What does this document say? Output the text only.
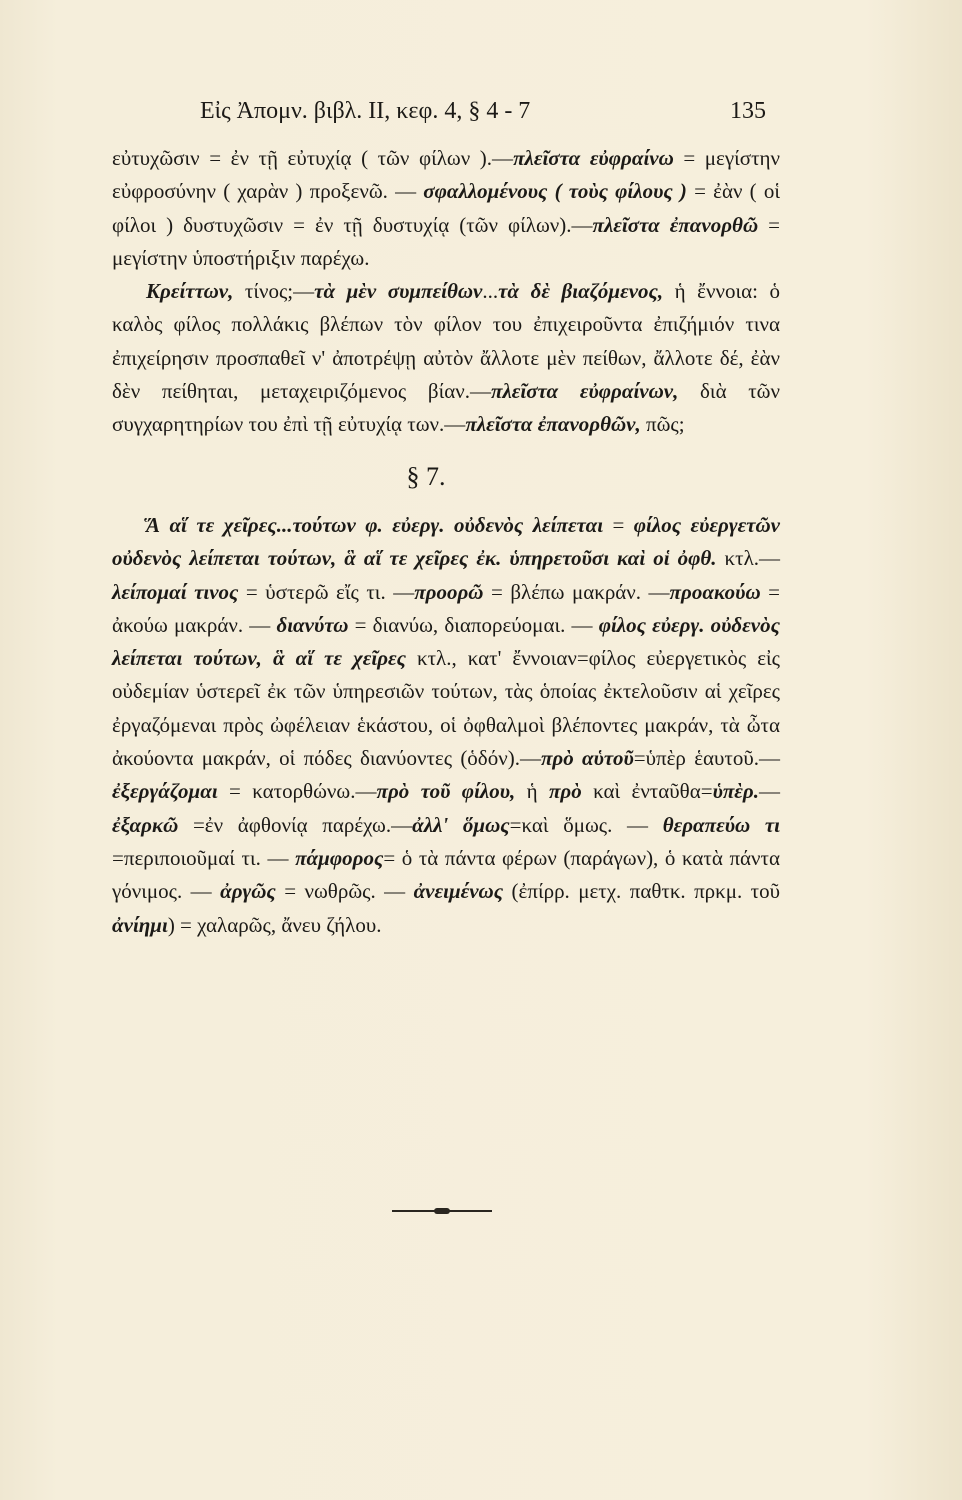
Εἰς Ἀπομν. βιβλ. II, κεφ. 4, § 4 - 7	135

εὐτυχῶσιν = ἐν τῇ εὐτυχίᾳ ( τῶν φίλων ).—πλεῖστα εὐφραίνω = μεγίστην εὐφροσύνην ( χαρὰν ) προξενῶ. — σφαλλομένους ( τοὺς φίλους ) = ἐὰν ( οἱ φίλοι ) δυστυχῶσιν = ἐν τῇ δυστυχίᾳ (τῶν φίλων).—πλεῖστα ἐπανορθῶ = μεγίστην ὑποστήριξιν παρέχω.

Κρείττων, τίνος;—τὰ μὲν συμπείθων...τὰ δὲ βιαζόμενος, ἡ ἔννοια: ὁ καλὸς φίλος πολλάκις βλέπων τὸν φίλον του ἐπιχειροῦντα ἐπιζήμιόν τινα ἐπιχείρησιν προσπαθεῖ ν' ἀποτρέψῃ αὐτὸν ἄλλοτε μὲν πείθων, ἄλλοτε δέ, ἐὰν δὲν πείθηται, μεταχειριζόμενος βίαν.—πλεῖστα εὐφραίνων, διὰ τῶν συγχαρητηρίων του ἐπὶ τῇ εὐτυχίᾳ των.—πλεῖστα ἐπανορθῶν, πῶς;

§ 7.

Ἅ αἵ τε χεῖρες...τούτων φ. εὐεργ. οὐδενὸς λείπεται = φίλος εὐεργετῶν οὐδενὸς λείπεται τούτων, ἃ αἵ τε χεῖρες ἐκ. ὑπηρετοῦσι καὶ οἱ ὀφθ. κτλ.—λείπομαί τινος = ὑστερῶ εἴς τι. —προορῶ = βλέπω μακράν. —προακούω = ἀκούω μακράν. — διανύτω = διανύω, διαπορεύομαι. — φίλος εὐεργ. οὐδενὸς λείπεται τούτων, ἃ αἵ τε χεῖρες κτλ., κατ' ἔννοιαν=φίλος εὐεργετικὸς εἰς οὐδεμίαν ὑστερεῖ ἐκ τῶν ὑπηρεσιῶν τούτων, τὰς ὁποίας ἐκτελοῦσιν αἱ χεῖρες ἐργαζόμεναι πρὸς ὠφέλειαν ἑκάστου, οἱ ὀφθαλμοὶ βλέποντες μακράν, τὰ ὦτα ἀκούοντα μακράν, οἱ πόδες διανύοντες (ὁδόν).—πρὸ αὑτοῦ=ὑπὲρ ἑαυτοῦ.—ἐξεργάζομαι = κατορθώνω.—πρὸ τοῦ φίλου, ἡ πρὸ καὶ ἐνταῦθα=ὑπὲρ.—ἐξαρκῶ =ἐν ἀφθονίᾳ παρέχω.—ἀλλ' ὅμως=καὶ ὅμως. — θεραπεύω τι =περιποιοῦμαί τι. — πάμφορος= ὁ τὰ πάντα φέρων (παράγων), ὁ κατὰ πάντα γόνιμος. — ἀργῶς = νωθρῶς. — ἀνειμένως (ἐπίρρ. μετχ. παθτκ. πρκμ. τοῦ ἀνίημι) = χαλαρῶς, ἄνευ ζήλου.
